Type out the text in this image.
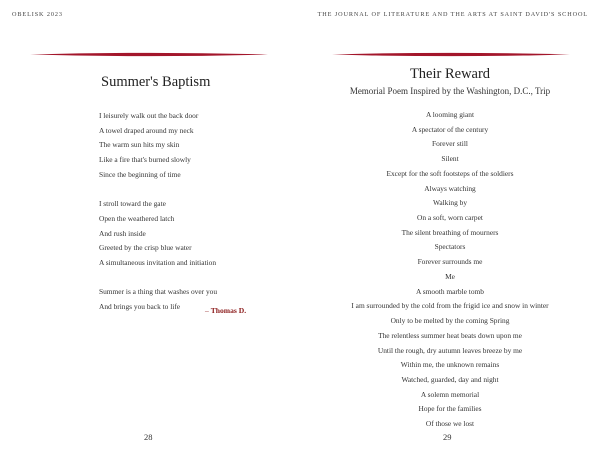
OBELISK 2023
Summer's Baptism
I leisurely walk out the back door
A towel draped around my neck
The warm sun hits my skin
Like a fire that's burned slowly
Since the beginning of time
I stroll toward the gate
Open the weathered latch
And rush inside
Greeted by the crisp blue water
A simultaneous invitation and initiation
Summer is a thing that washes over you
And brings you back to life	– Thomas D.
28
THE JOURNAL OF LITERATURE AND THE ARTS AT SAINT DAVID'S SCHOOL
Their Reward
Memorial Poem Inspired by the Washington, D.C., Trip
A looming giant
A spectator of the century
Forever still
Silent
Except for the soft footsteps of the soldiers
Always watching
Walking by
On a soft, worn carpet
The silent breathing of mourners
Spectators
Forever surrounds me
Me
A smooth marble tomb
I am surrounded by the cold from the frigid ice and snow in winter
Only to be melted by the coming Spring
The relentless summer heat beats down upon me
Until the rough, dry autumn leaves breeze by me
Within me, the unknown remains
Watched, guarded, day and night
A solemn memorial
Hope for the families
Of those we lost
29
